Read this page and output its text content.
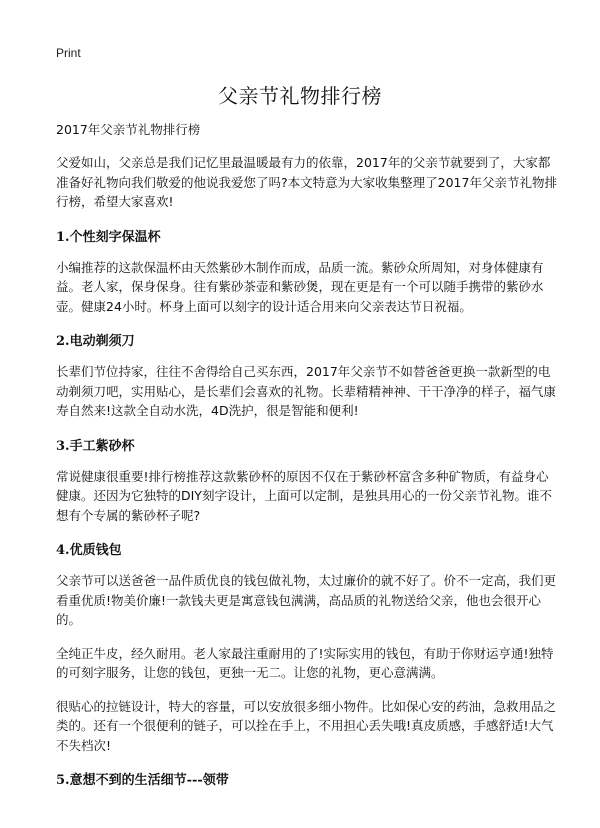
Print
父亲节礼物排行榜
2017年父亲节礼物排行榜

父爱如山，父亲总是我们记忆里最温暖最有力的依靠，2017年的父亲节就要到了，大家都准备好礼物向我们敬爱的他说我爱您了吗?本文特意为大家收集整理了2017年父亲节礼物排行榜，希望大家喜欢!

1.个性刻字保温杯

小编推荐的这款保温杯由天然紫砂木制作而成，品质一流。紫砂众所周知，对身体健康有益。老人家，保身保身。往有紫砂茶壶和紫砂煲，现在更是有一个可以随手携带的紫砂水壶。健康24小时。杯身上面可以刻字的设计适合用来向父亲表达节日祝福。

2.电动剃须刀

长辈们节位持家，往往不舍得给自己买东西，2017年父亲节不如替爸爸更换一款新型的电动剃须刀吧，实用贴心，是长辈们会喜欢的礼物。长辈精精神神、干干净净的样子，福气康寿自然来!这款全自动水洗，4D洗护，很是智能和便利!

3.手工紫砂杯

常说健康很重要!排行榜推荐这款紫砂杯的原因不仅在于紫砂杯富含多种矿物质，有益身心健康。还因为它独特的DIY刻字设计，上面可以定制，是独具用心的一份父亲节礼物。谁不想有个专属的紫砂杯子呢?

4.优质钱包

父亲节可以送爸爸一品件质优良的钱包做礼物，太过廉价的就不好了。价不一定高，我们更看重优质!物美价廉!一款钱夫更是寓意钱包满满，高品质的礼物送给父亲，他也会很开心的。

全纯正牛皮，经久耐用。老人家最注重耐用的了!实际实用的钱包，有助于你财运亨通!独特的可刻字服务，让您的钱包，更独一无二。让您的礼物，更心意满满。

很贴心的拉链设计，特大的容量，可以安放很多细小物件。比如保心安的药油，急救用品之类的。还有一个很便利的链子，可以拴在手上，不用担心丢失哦!真皮质感，手感舒适!大气不失档次!

5.意想不到的生活细节---领带
